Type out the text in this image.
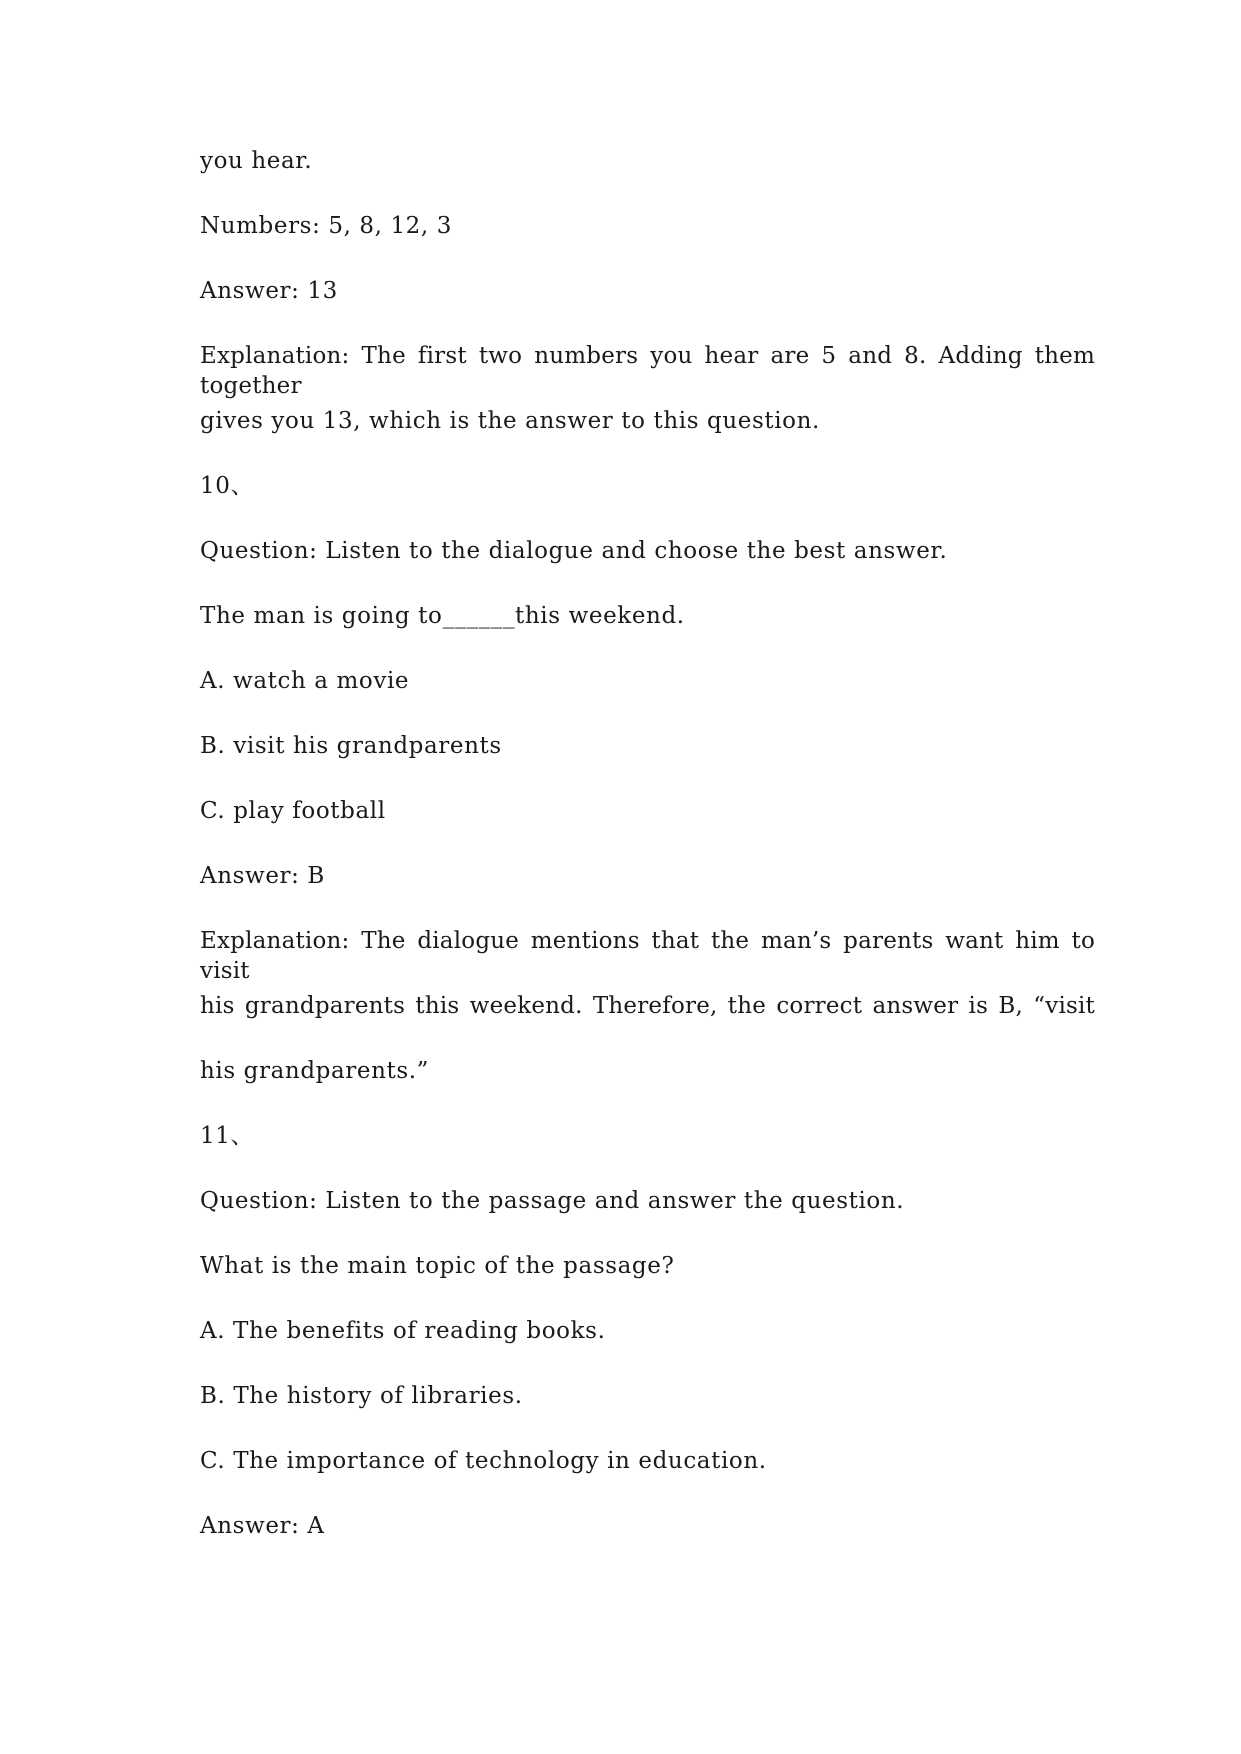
you hear.
Numbers: 5, 8, 12, 3
Answer: 13
Explanation: The first two numbers you hear are 5 and 8. Adding them together
gives you 13, which is the answer to this question.
10、
Question: Listen to the dialogue and choose the best answer.
The man is going to______this weekend.
A. watch a movie
B. visit his grandparents
C. play football
Answer: B
Explanation: The dialogue mentions that the man’s parents want him to visit
his grandparents this weekend. Therefore, the correct answer is B, “visit
his grandparents.”
11、
Question: Listen to the passage and answer the question.
What is the main topic of the passage?
A. The benefits of reading books.
B. The history of libraries.
C. The importance of technology in education.
Answer: A
